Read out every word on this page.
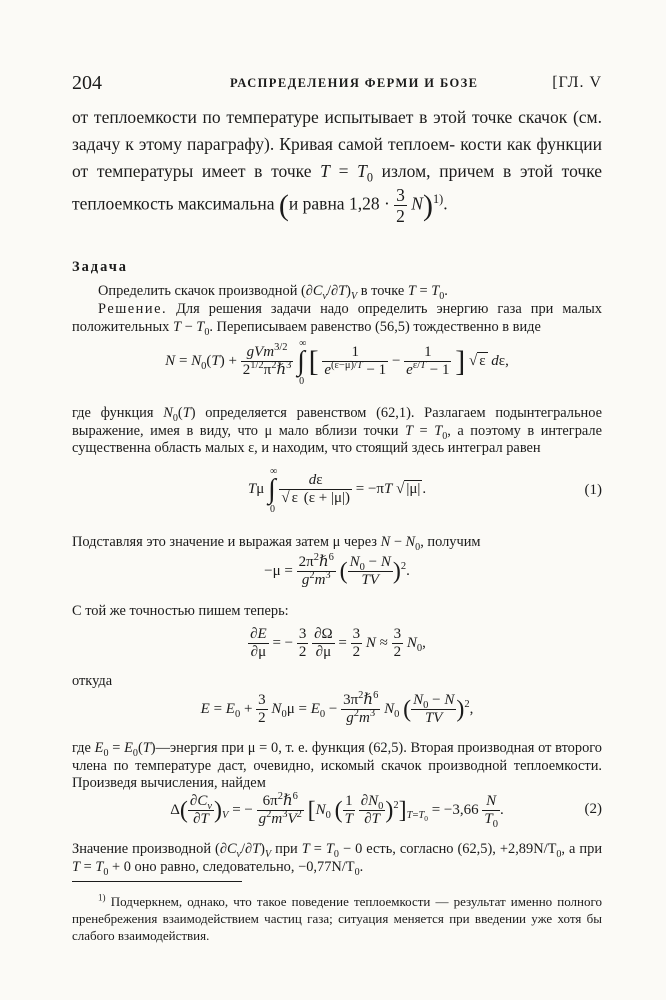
204	РАСПРЕДЕЛЕНИЯ ФЕРМИ И БОЗЕ	[ГЛ. V

от теплоемкости по температуре испытывает в этой точке скачок (см. задачу к этому параграфу). Кривая самой теплоем- кости как функции от температуры имеет в точке $T = T_0$ излом, причем в этой точке теплоемкость максимальна (и равна $1,28 \cdot \frac{3}{2} N)^{1)}$.

Задача

Определить скачок производной $(\partial C_v/\partial T)_V$ в точке $T = T_0$.

Решение. Для решения задачи надо определить энергию газа при малых положительных $T - T_0$. Переписываем равенство (56,5) тождественно в виде

$N = N_0(T) + \frac{gVm^{3/2}}{2^{1/2}\pi^2\hbar^3}$ ∫
∞
0
[ $\frac{1}{e^{(\varepsilon-\mu)/T} - 1} - \frac{1}{e^{\varepsilon/T} - 1}$ ] √ ε dε,

где функция $N_0(T)$ определяется равенством (62,1). Разлагаем подынтегральное выражение, имея в виду, что μ мало вблизи точки $T = T_0$, а поэтому в интеграле существенна область малых ε, и находим, что стоящий здесь интеграл равен

Tμ ∫
∞
0

$\frac{d\varepsilon}{√ \varepsilon (\varepsilon + |\mu|)} = -\pi T$ √ |μ| .	(1)

Подставляя это значение и выражая затем μ через $N - N_0$, получим

$-\mu = \frac{2\pi^2\hbar^6}{g^2m^3}$ ( $\frac{N_0 - N}{TV} )^2$.

С той же точностью пишем теперь:

$\frac{\partial E}{\partial\mu}$ = − $\frac{3}{2}$
$\frac{\partial\Omega}{\partial\mu} = \frac{3}{2}$ $N \approx \frac{3}{2} N_0$,

откуда

$E = E_0 + \frac{3}{2} N_0\mu = E_0 - \frac{3\pi^2\hbar^6}{g^2m^3} N_0$ ( $\frac{N_0 - N}{TV} )^2$,

где $E_0$ = $E_0(T)—энергия$ при μ = 0, т. е. функция (62,5). Вторая производная от второго члена по температуре даст, очевидно, искомый скачок производной теплоемкости. Произведя вычисления, найдем

$\Delta( \frac{\partial C_v}{\partial T} )_V$ = − $\frac{6\pi^2\hbar^6}{g^2m^3V^2} [N_0$ ( $\frac{1}{T}$
$\frac{\partial N_0}{\partial T} )^2]_{T=T_0} = -3,66 \frac{N}{T_0}$ .	(2)

Значение производной $(\partial C_v/\partial T)_V$ при $T = T_0 - 0$ есть, согласно (62,5), $+2,89N/T_0$, а при $T = T_0 + 0$ оно равно, следовательно, $-0,77N/T_0$.

$^{1)}$ Подчеркнем, однако, что такое поведение теплоемкости — результат именно полного пренебрежения взаимодействием частиц газа; ситуация меняется при введении уже хотя бы слабого взаимодействия.
